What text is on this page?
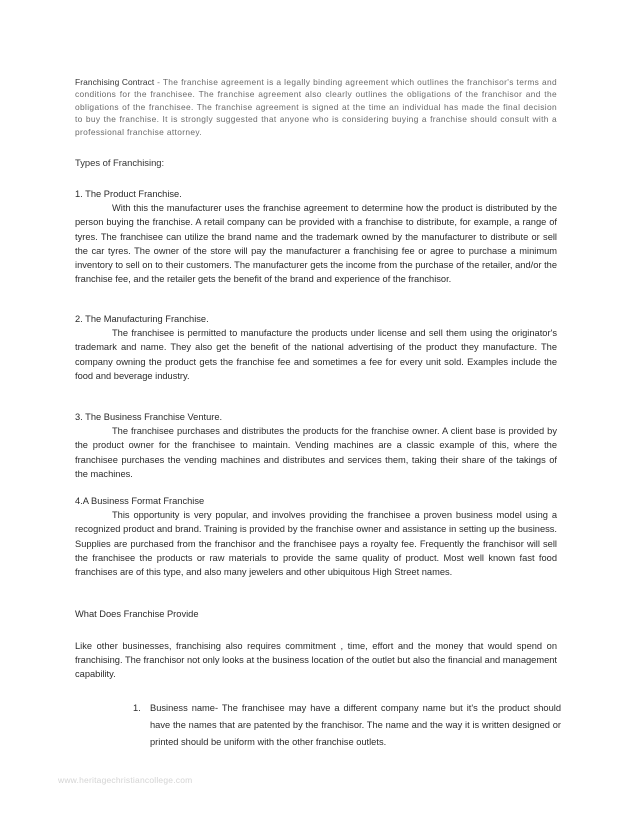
Franchising Contract - The franchise agreement is a legally binding agreement which outlines the franchisor's terms and conditions for the franchisee. The franchise agreement also clearly outlines the obligations of the franchisor and the obligations of the franchisee. The franchise agreement is signed at the time an individual has made the final decision to buy the franchise. It is strongly suggested that anyone who is considering buying a franchise should consult with a professional franchise attorney.

Types of Franchising:

1. The Product Franchise.

With this the manufacturer uses the franchise agreement to determine how the product is distributed by the person buying the franchise. A retail company can be provided with a franchise to distribute, for example, a range of tyres. The franchisee can utilize the brand name and the trademark owned by the manufacturer to distribute or sell the car tyres. The owner of the store will pay the manufacturer a franchising fee or agree to purchase a minimum inventory to sell on to their customers. The manufacturer gets the income from the purchase of the retailer, and/or the franchise fee, and the retailer gets the benefit of the brand and experience of the franchisor.

2. The Manufacturing Franchise.

The franchisee is permitted to manufacture the products under license and sell them using the originator's trademark and name. They also get the benefit of the national advertising of the product they manufacture. The company owning the product gets the franchise fee and sometimes a fee for every unit sold. Examples include the food and beverage industry.

3. The Business Franchise Venture.

The franchisee purchases and distributes the products for the franchise owner. A client base is provided by the product owner for the franchisee to maintain. Vending machines are a classic example of this, where the franchisee purchases the vending machines and distributes and services them, taking their share of the takings of the machines.

4.A Business Format Franchise

This opportunity is very popular, and involves providing the franchisee a proven business model using a recognized product and brand. Training is provided by the franchise owner and assistance in setting up the business. Supplies are purchased from the franchisor and the franchisee pays a royalty fee. Frequently the franchisor will sell the franchisee the products or raw materials to provide the same quality of product. Most well known fast food franchises are of this type, and also many jewelers and other ubiquitous High Street names.

What Does Franchise Provide

Like other businesses, franchising also requires commitment , time, effort and the money that would spend on franchising. The franchisor not only looks at the business location of the outlet but also the financial and management capability.

1. Business name- The franchisee may have a different company name but it's the product should have the names that are patented by the franchisor. The name and the way it is written designed or printed should be uniform with the other franchise outlets.
www.heritagechristiancollege.com
